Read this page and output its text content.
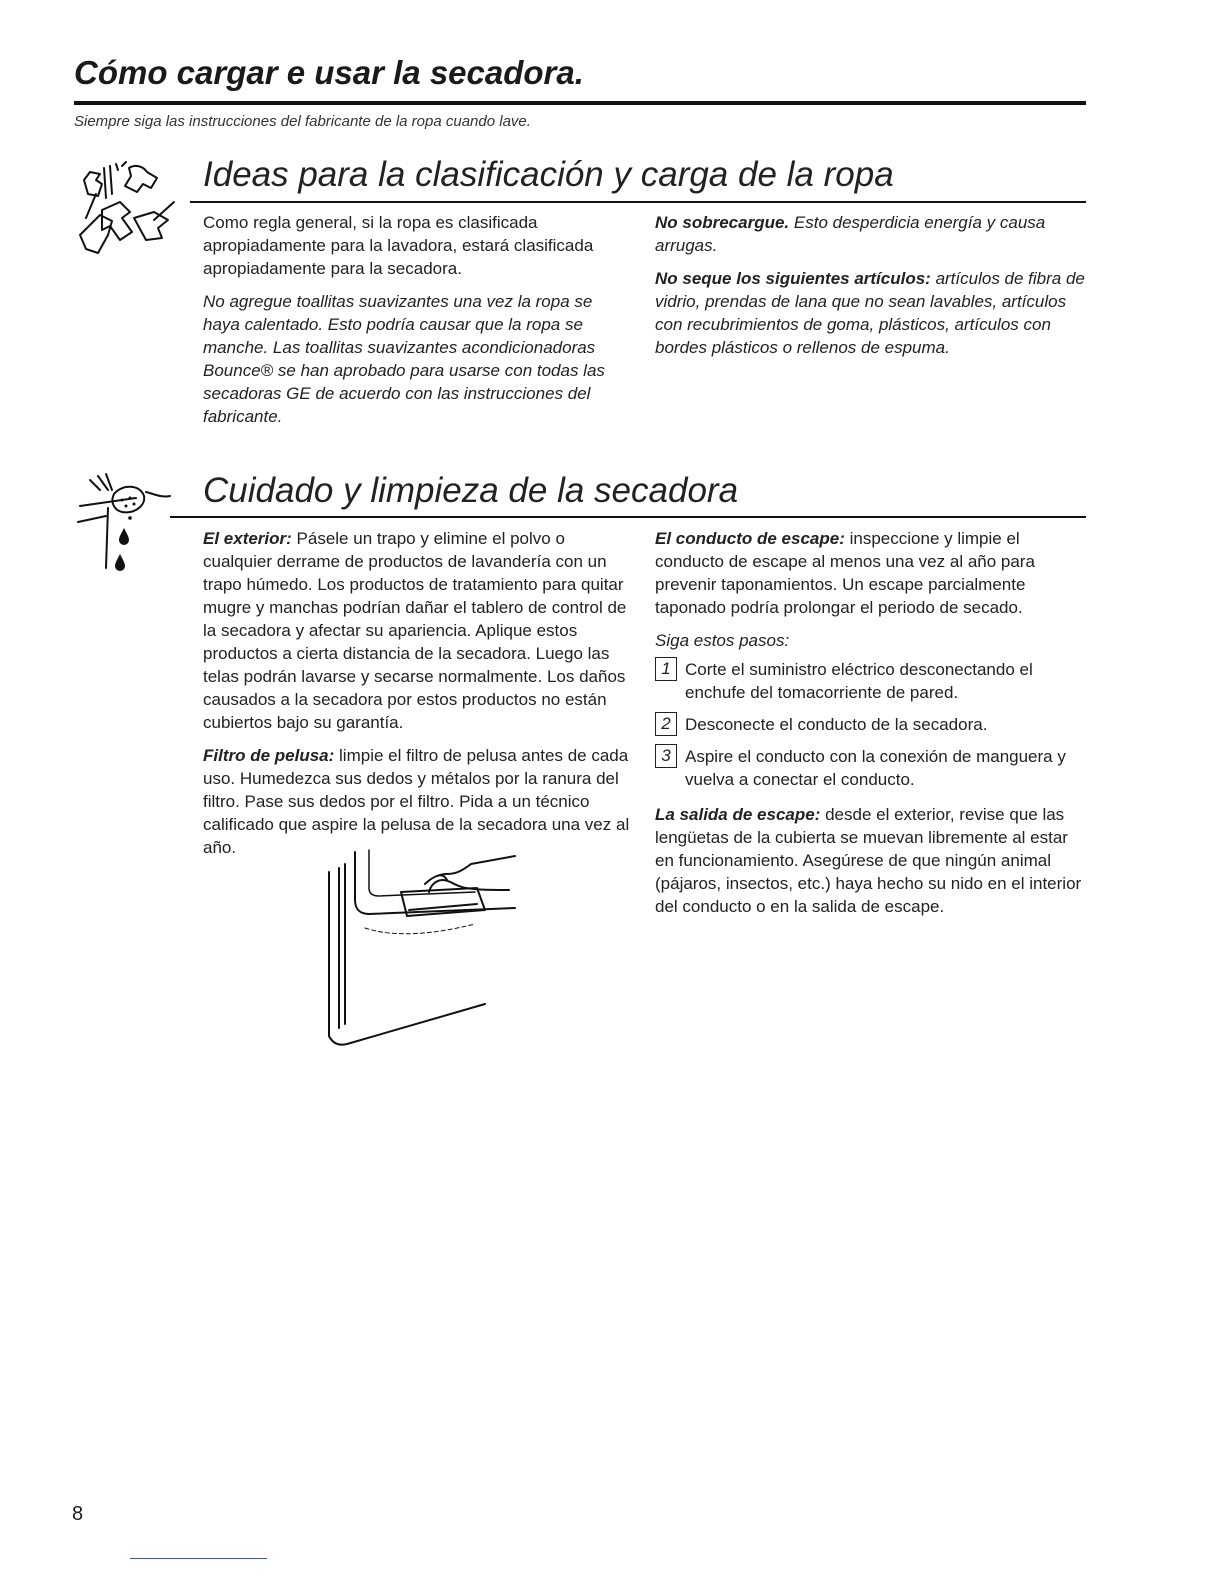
Cómo cargar e usar la secadora.
Siempre siga las instrucciones del fabricante de la ropa cuando lave.
Ideas para la clasificación y carga de la ropa

Como regla general, si la ropa es clasificada apropiadamente para la lavadora, estará clasificada apropiadamente para la secadora.

No agregue toallitas suavizantes una vez la ropa se haya calentado. Esto podría causar que la ropa se manche. Las toallitas suavizantes acondicionadoras Bounce® se han aprobado para usarse con todas las secadoras GE de acuerdo con las instrucciones del fabricante.

No sobrecargue. Esto desperdicia energía y causa arrugas.

No seque los siguientes artículos: artículos de fibra de vidrio, prendas de lana que no sean lavables, artículos con recubrimientos de goma, plásticos, artículos con bordes plásticos o rellenos de espuma.

Cuidado y limpieza de la secadora

El exterior: Pásele un trapo y elimine el polvo o cualquier derrame de productos de lavandería con un trapo húmedo. Los productos de tratamiento para quitar mugre y manchas podrían dañar el tablero de control de la secadora y afectar su apariencia. Aplique estos productos a cierta distancia de la secadora. Luego las telas podrán lavarse y secarse normalmente. Los daños causados a la secadora por estos productos no están cubiertos bajo su garantía.

Filtro de pelusa: limpie el filtro de pelusa antes de cada uso. Humedezca sus dedos y métalos por la ranura del filtro. Pase sus dedos por el filtro. Pida a un técnico calificado que aspire la pelusa de la secadora una vez al año.

El conducto de escape: inspeccione y limpie el conducto de escape al menos una vez al año para prevenir taponamientos. Un escape parcialmente taponado podría prolongar el periodo de secado.

Siga estos pasos:
1 Corte el suministro eléctrico desconectando el enchufe del tomacorriente de pared.
2 Desconecte el conducto de la secadora.
3 Aspire el conducto con la conexión de manguera y vuelva a conectar el conducto.

La salida de escape: desde el exterior, revise que las lengüetas de la cubierta se muevan libremente al estar en funcionamiento. Asegúrese de que ningún animal (pájaros, insectos, etc.) haya hecho su nido en el interior del conducto o en la salida de escape.

8
